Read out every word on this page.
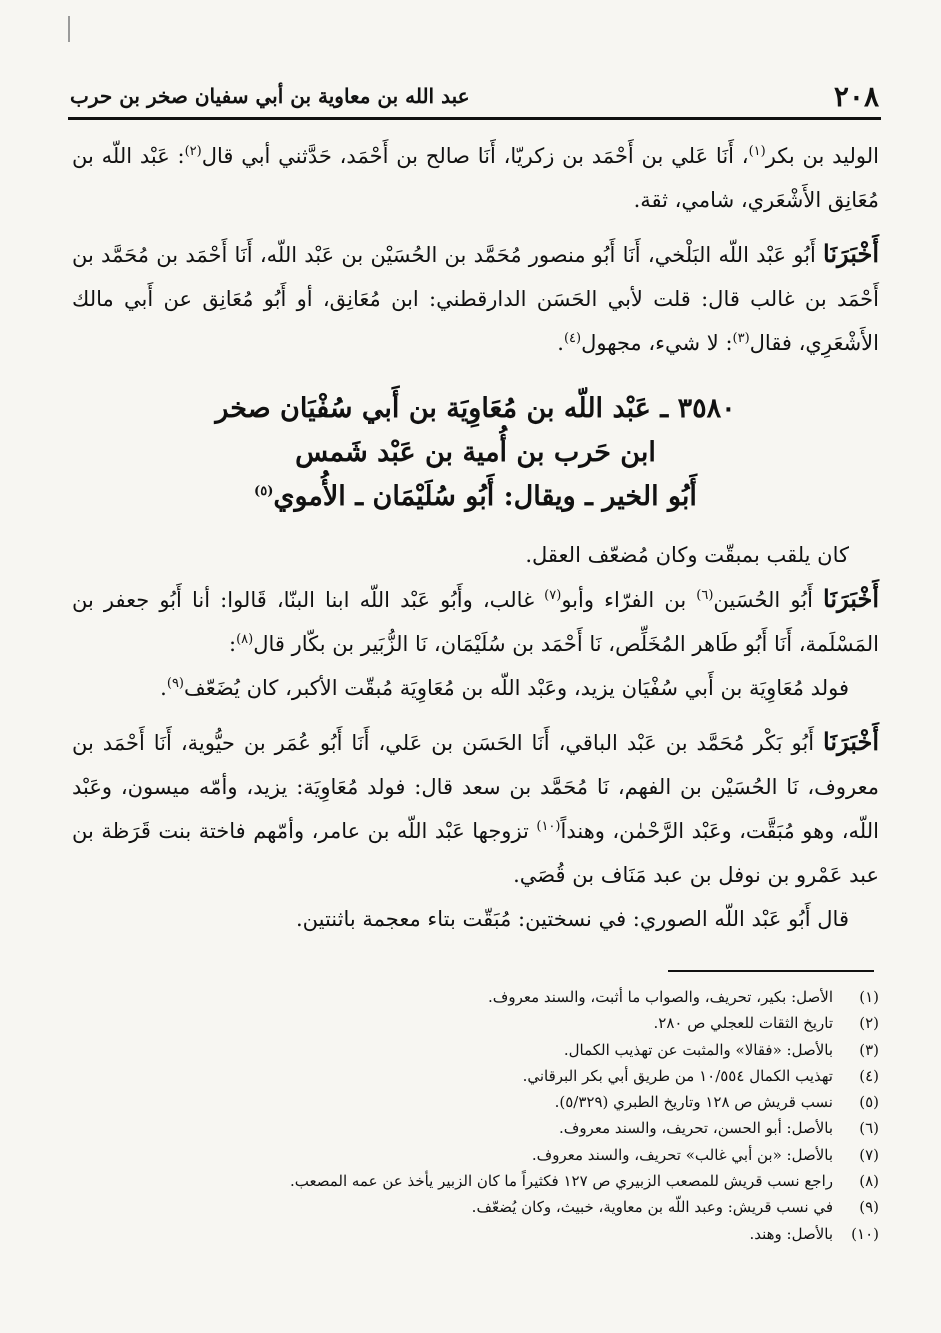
٢٠٨
عبد الله بن معاوية بن أبي سفيان صخر بن حرب

الوليد بن بكر$^{(١)}$، أَنَا عَلي بن أَحْمَد بن زكريّا، أَنَا صالح بن أَحْمَد، حَدَّثني أبي قال$^{(٢)}$: عَبْد اللّه بن مُعَانِق الأَشْعَري، شامي، ثقة.

أَخْبَرَنَا أَبُو عَبْد اللّه البَلْخي، أَنَا أَبُو منصور مُحَمَّد بن الحُسَيْن بن عَبْد اللّه، أَنَا أَحْمَد بن مُحَمَّد بن أَحْمَد بن غالب قال: قلت لأبي الحَسَن الدارقطني: ابن مُعَانِق، أو أَبُو مُعَانِق عن أَبي مالك الأَشْعَرِي، فقال$^{(٣)}$: لا شيء، مجهول$^{(٤)}$.

٣٥٨٠ ـ عَبْد اللّه بن مُعَاوِيَة بن أَبي سُفْيَان صخر
ابن حَرب بن أُمية بن عَبْد شَمس
أَبُو الخير ـ ويقال: أَبُو سُلَيْمَان ـ الأُموي$^{(٥)}$

كان يلقب بمبقّت وكان مُضعّف العقل.

أَخْبَرَنَا أَبُو الحُسَين$^{(٦)}$ بن الفرّاء وأبو$^{(٧)}$ غالب، وأَبُو عَبْد اللّه ابنا البنّا، قَالوا: أنا أَبُو جعفر بن المَسْلَمة، أَنَا أَبُو طَاهر المُخَلِّص، نَا أَحْمَد بن سُلَيْمَان، نَا الزُّبَير بن بكّار قال$^{(٨)}$:

فولد مُعَاوِيَة بن أَبي سُفْيَان يزيد، وعَبْد اللّه بن مُعَاوِيَة مُبقّت الأكبر، كان يُضَعّف$^{(٩)}$.

أَخْبَرَنَا أَبُو بَكْر مُحَمَّد بن عَبْد الباقي، أَنَا الحَسَن بن عَلي، أَنَا أَبُو عُمَر بن حيُّوية، أَنَا أَحْمَد بن معروف، نَا الحُسَيْن بن الفهم، نَا مُحَمَّد بن سعد قال: فولد مُعَاوِيَة: يزيد، وأمّه ميسون، وعَبْد اللّه، وهو مُبَقَّت، وعَبْد الرَّحْمٰن، وهنداً$^{(١٠)}$ تزوجها عَبْد اللّه بن عامر، وأمّهم فاختة بنت قَرَظة بن عبد عَمْرو بن نوفل بن عبد مَنَاف بن قُصَي.

قال أَبُو عَبْد اللّه الصوري: في نسختين: مُبَقّت بتاء معجمة باثنتين.

(١)
الأصل: بكير، تحريف، والصواب ما أثبت، والسند معروف.
(٢)
تاريخ الثقات للعجلي ص ٢٨٠.
(٣)
بالأصل: «فقالا» والمثبت عن تهذيب الكمال.
(٤)
تهذيب الكمال ١٠/٥٥٤ من طريق أبي بكر البرقاني.
(٥)
نسب قريش ص ١٢٨ وتاريخ الطبري (٥/٣٢٩).
(٦)
بالأصل: أبو الحسن، تحريف، والسند معروف.
(٧)
بالأصل: «بن أبي غالب» تحريف، والسند معروف.
(٨)
راجع نسب قريش للمصعب الزبيري ص ١٢٧ فكثيراً ما كان الزبير يأخذ عن عمه المصعب.
(٩)
في نسب قريش: وعبد اللّه بن معاوية، خبيث، وكان يُضعّف.
(١٠)
بالأصل: وهند.
